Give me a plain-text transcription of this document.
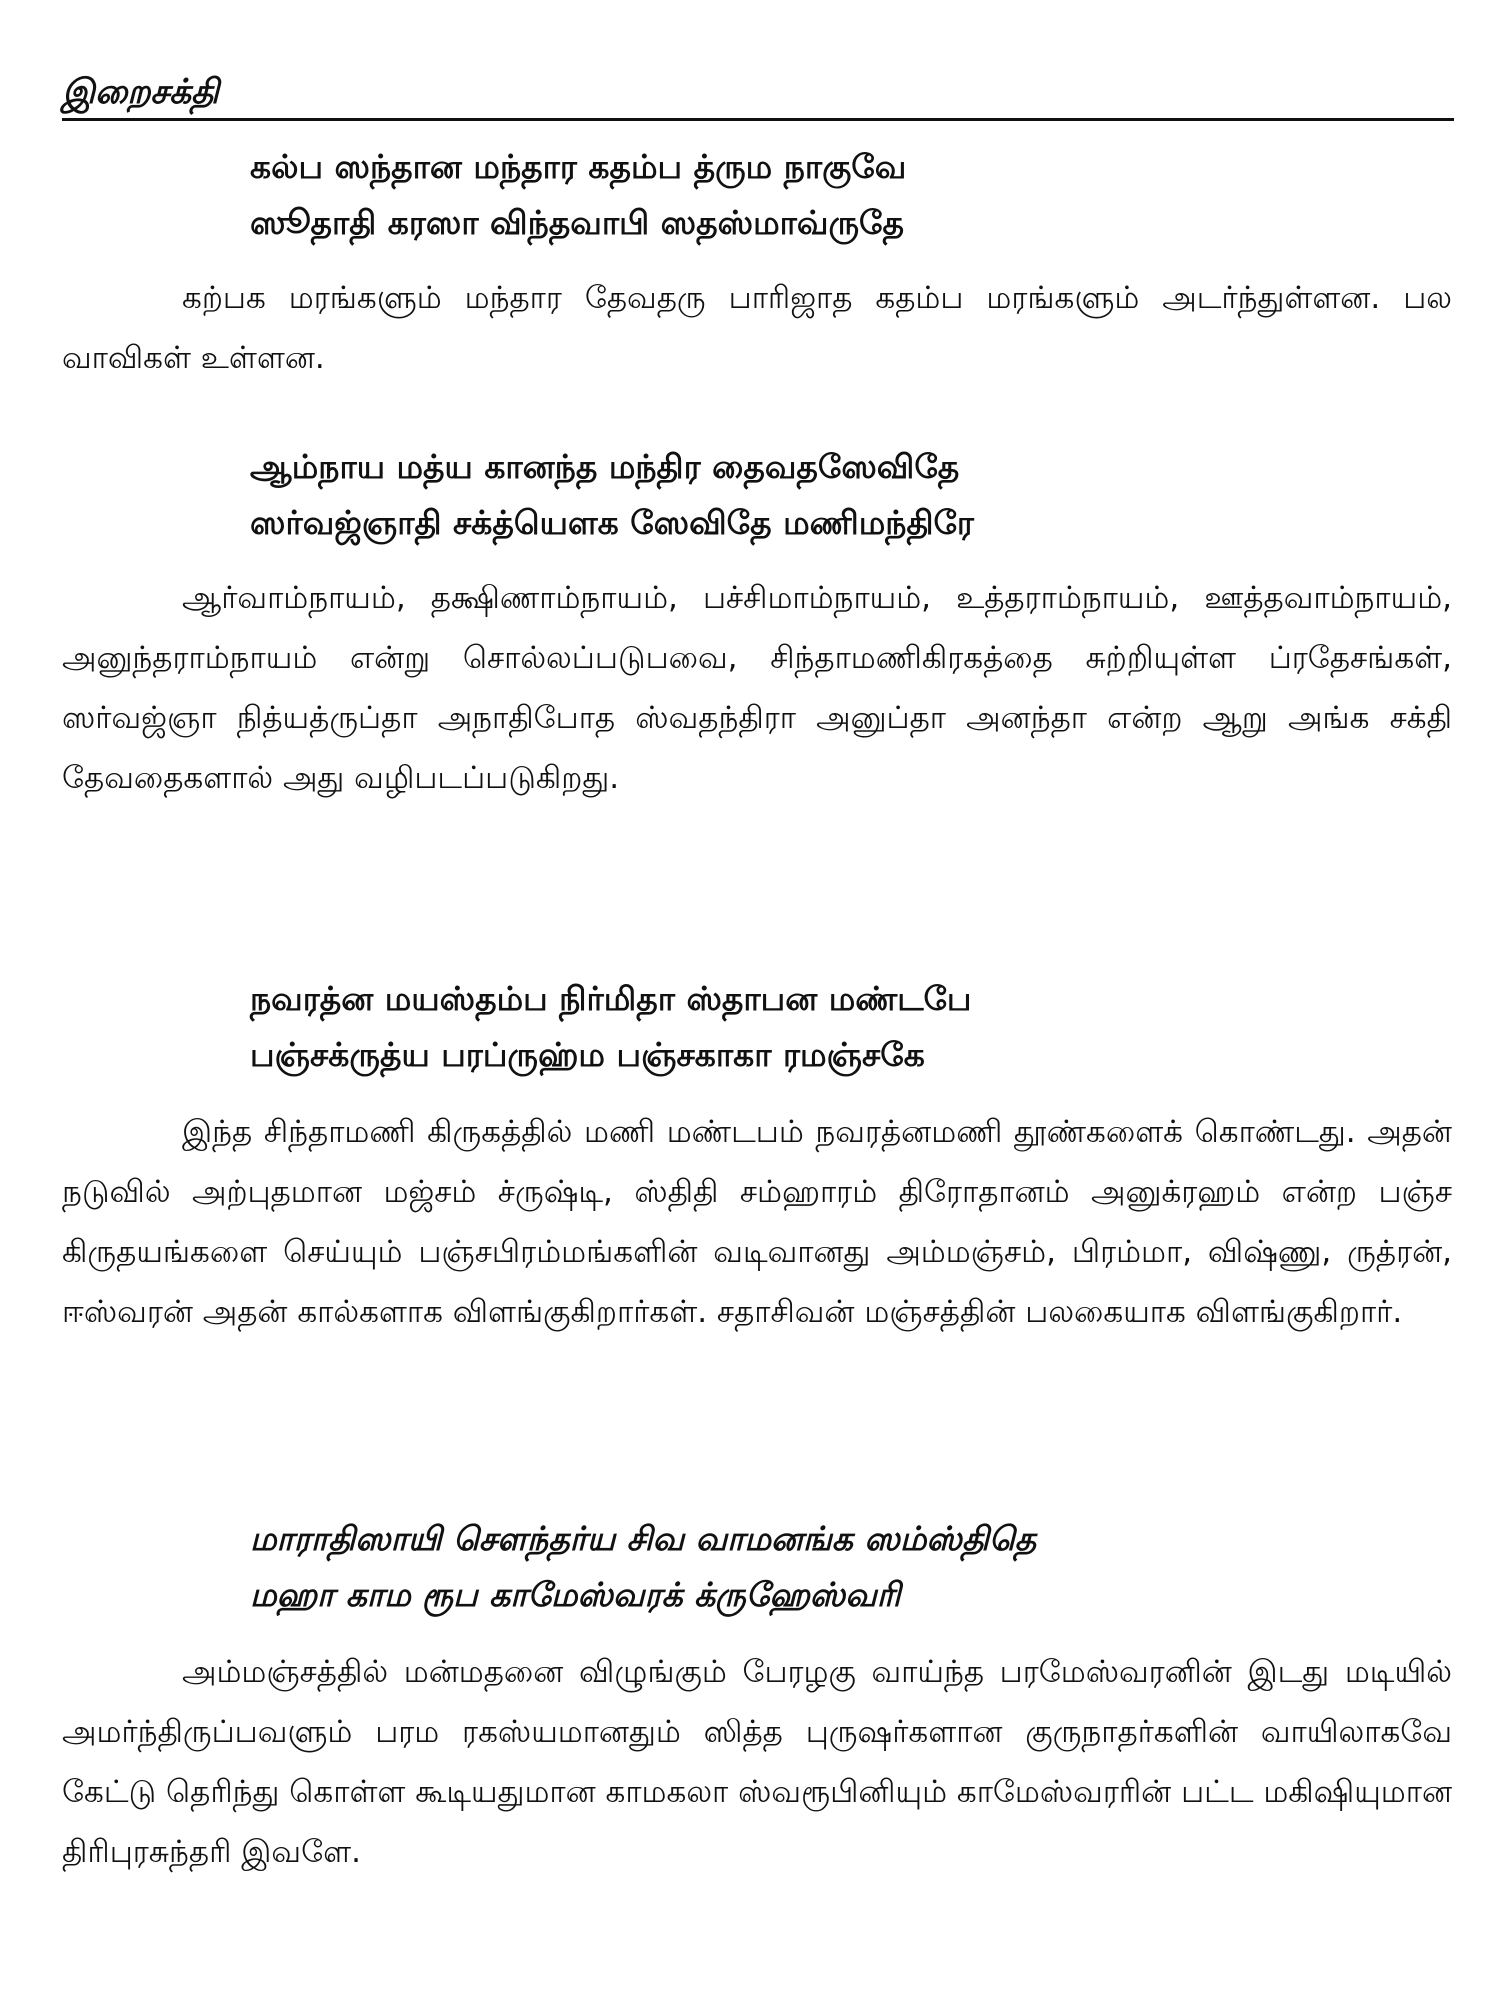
இறைசக்தி
கல்ப ஸந்தான மந்தார கதம்ப த்ரும நாகுவே
ஸூதாதி கரஸா விந்தவாபி ஸதஸ்மாவ்ருதே

கற்பக மரங்களும் மந்தார தேவதரு பாரிஜாத கதம்ப மரங்களும் அடர்ந்துள்ளன. பல வாவிகள் உள்ளன.

ஆம்நாய மத்ய கானந்த மந்திர தைவதஸேவிதே
ஸர்வஜ்ஞாதி சக்த்யௌக ஸேவிதே மணிமந்திரே

ஆர்வாம்நாயம், தக்ஷிணாம்நாயம், பச்சிமாம்நாயம், உத்தராம்நாயம், ஊத்தவாம்நாயம், அனுந்தராம்நாயம் என்று சொல்லப்படுபவை, சிந்தாமணிகிரகத்தை சுற்றியுள்ள ப்ரதேசங்கள், ஸர்வஜ்ஞா நித்யத்ருப்தா அநாதிபோத ஸ்வதந்திரா அனுப்தா அனந்தா என்ற ஆறு அங்க சக்தி தேவதைகளால் அது வழிபடப்படுகிறது.

நவரத்ன மயஸ்தம்ப நிர்மிதா ஸ்தாபன மண்டபே
பஞ்சக்ருத்ய பரப்ருஹ்ம பஞ்சகாகா ரமஞ்சகே

இந்த சிந்தாமணி கிருகத்தில் மணி மண்டபம் நவரத்னமணி தூண்களைக் கொண்டது. அதன் நடுவில் அற்புதமான மஜ்சம் ச்ருஷ்டி, ஸ்திதி சம்ஹாரம் திரோதானம் அனுக்ரஹம் என்ற பஞ்ச கிருதயங்களை செய்யும் பஞ்சபிரம்மங்களின் வடிவானது அம்மஞ்சம், பிரம்மா, விஷ்ணு, ருத்ரன், ஈஸ்வரன் அதன் கால்களாக விளங்குகிறார்கள். சதாசிவன் மஞ்சத்தின் பலகையாக விளங்குகிறார்.

மாராதிஸாயி சௌந்தர்ய சிவ வாமனங்க ஸம்ஸ்திதெ
மஹா காம ரூப காமேஸ்வரக் க்ருஹேஸ்வரி

அம்மஞ்சத்தில் மன்மதனை விழுங்கும் பேரழகு வாய்ந்த பரமேஸ்வரனின் இடது மடியில் அமர்ந்திருப்பவளும் பரம ரகஸ்யமானதும் ஸித்த புருஷர்களான குருநாதர்களின் வாயிலாகவே கேட்டு தெரிந்து கொள்ள கூடியதுமான காமகலா ஸ்வரூபினியும் காமேஸ்வரரின் பட்ட மகிஷியுமான திரிபுரசுந்தரி இவளே.
